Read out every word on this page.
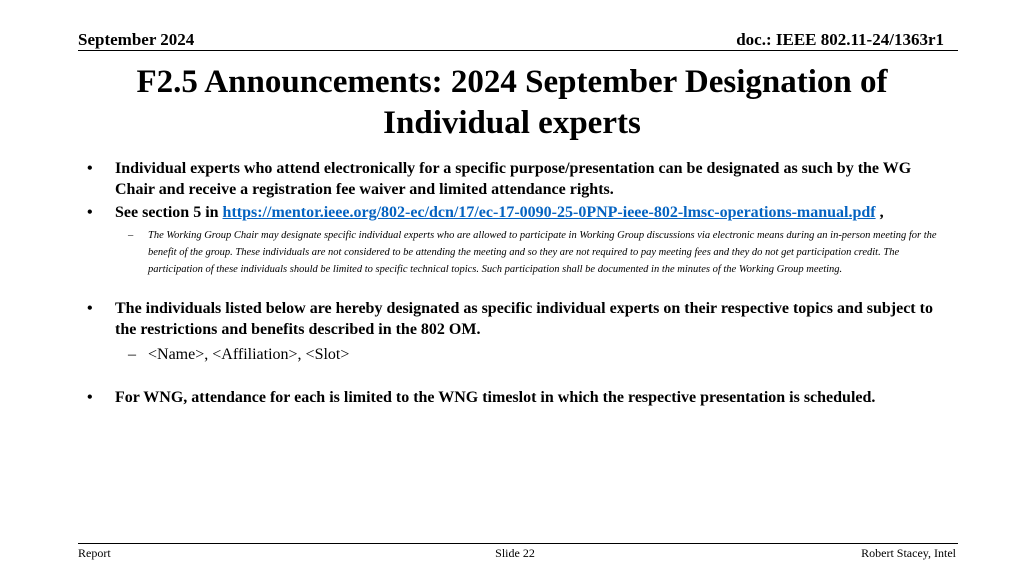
September 2024	doc.: IEEE 802.11-24/1363r1
F2.5 Announcements: 2024 September Designation of Individual experts
• Individual experts who attend electronically for a specific purpose/presentation can be designated as such by the WG Chair and receive a registration fee waiver and limited attendance rights.
• See section 5 in https://mentor.ieee.org/802-ec/dcn/17/ec-17-0090-25-0PNP-ieee-802-lmsc-operations-manual.pdf ,
– The Working Group Chair may designate specific individual experts who are allowed to participate in Working Group discussions via electronic means during an in-person meeting for the benefit of the group. These individuals are not considered to be attending the meeting and so they are not required to pay meeting fees and they do not get participation credit. The participation of these individuals should be limited to specific technical topics. Such participation shall be documented in the minutes of the Working Group meeting.
• The individuals listed below are hereby designated as specific individual experts on their respective topics and subject to the restrictions and benefits described in the 802 OM.
– <Name>, <Affiliation>, <Slot>
• For WNG, attendance for each is limited to the WNG timeslot in which the respective presentation is scheduled.
Report	Slide 22	Robert Stacey, Intel
